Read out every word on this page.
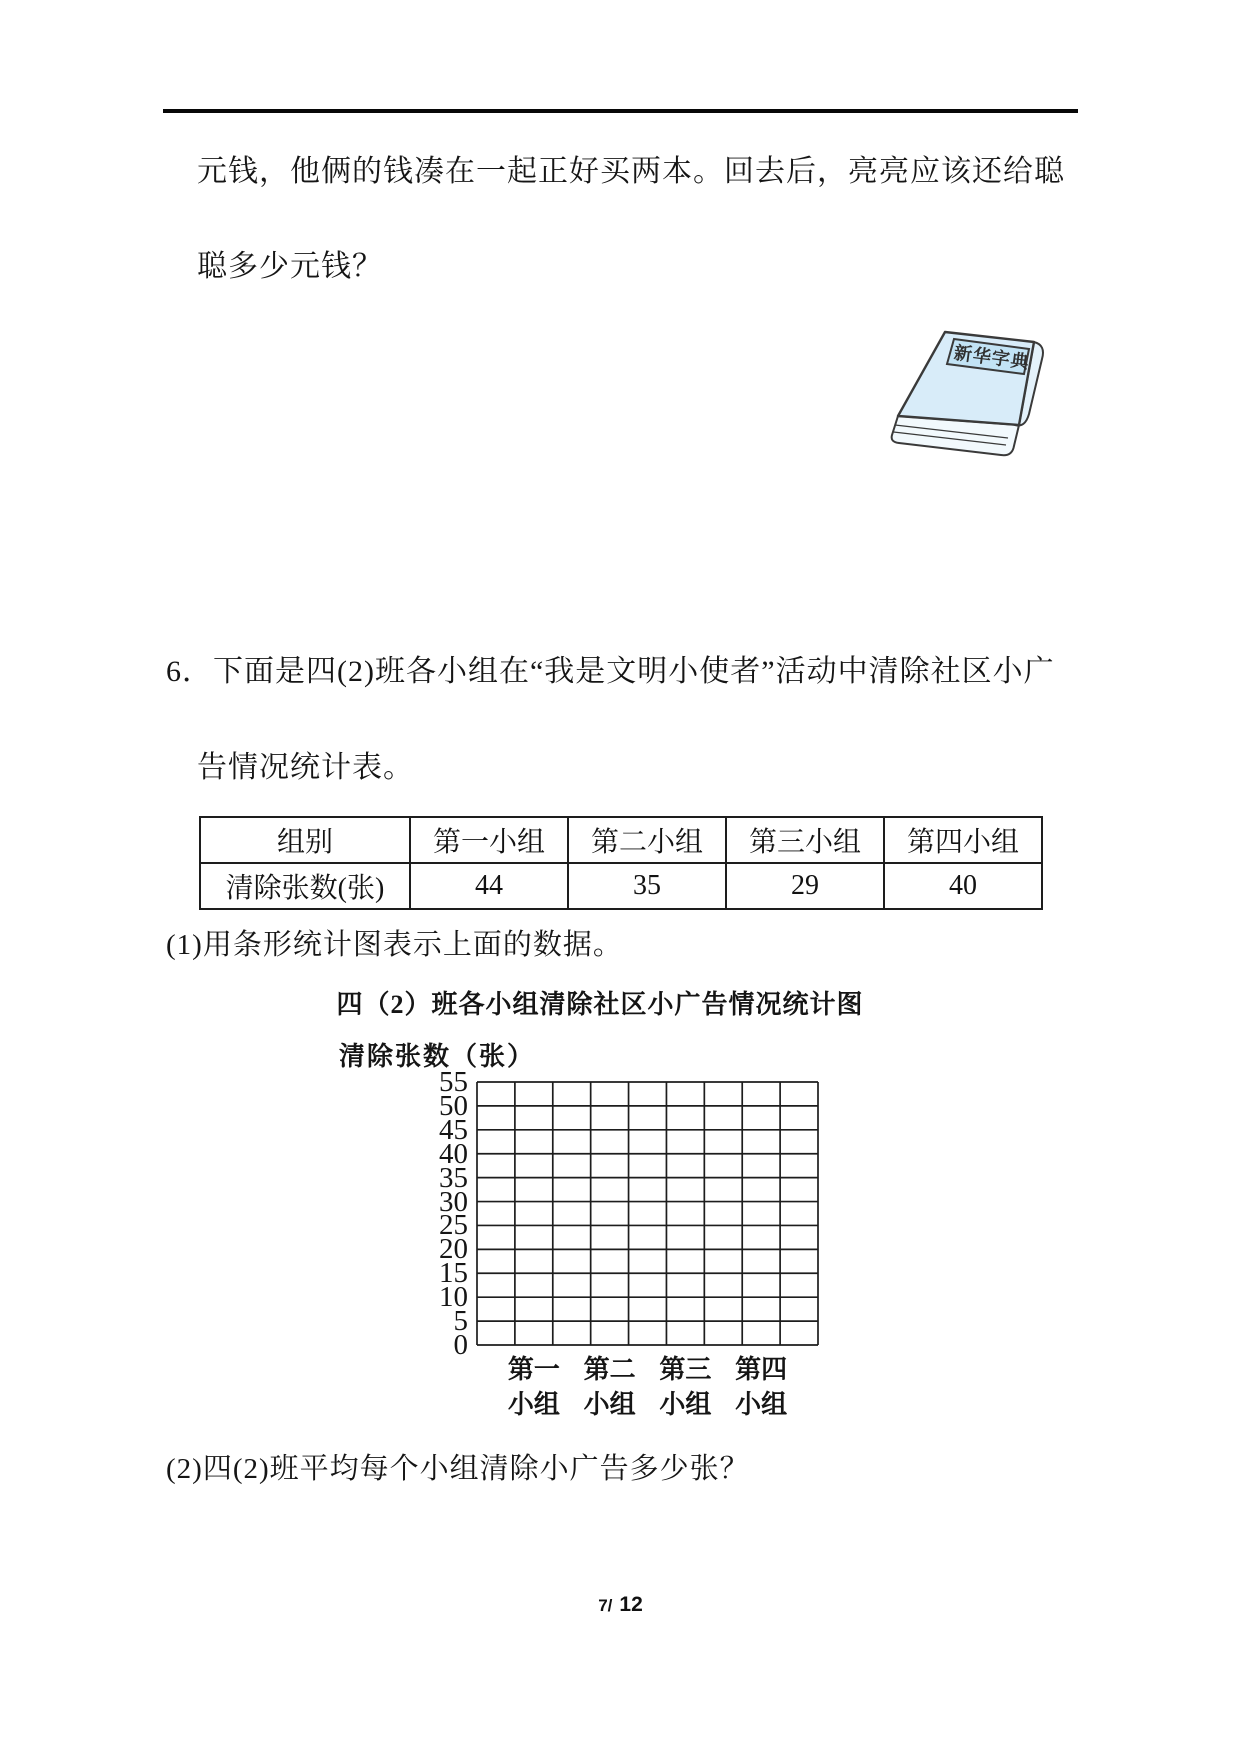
元钱，他俩的钱凑在一起正好买两本。回去后，亮亮应该还给聪
聪多少元钱？
新华字典
6．下面是四(2)班各小组在“我是文明小使者”活动中清除社区小广
告情况统计表。
组别	第一小组	第二小组	第三小组	第四小组
清除张数(张)	44	35	29	40
(1)用条形统计图表示上面的数据。
四（2）班各小组清除社区小广告情况统计图
清除张数（张）
55
50
45
40
35
30
25
20
15
10
5
0
第一
小组
第二
小组
第三
小组
第四
小组
(2)四(2)班平均每个小组清除小广告多少张？
7/ 12
